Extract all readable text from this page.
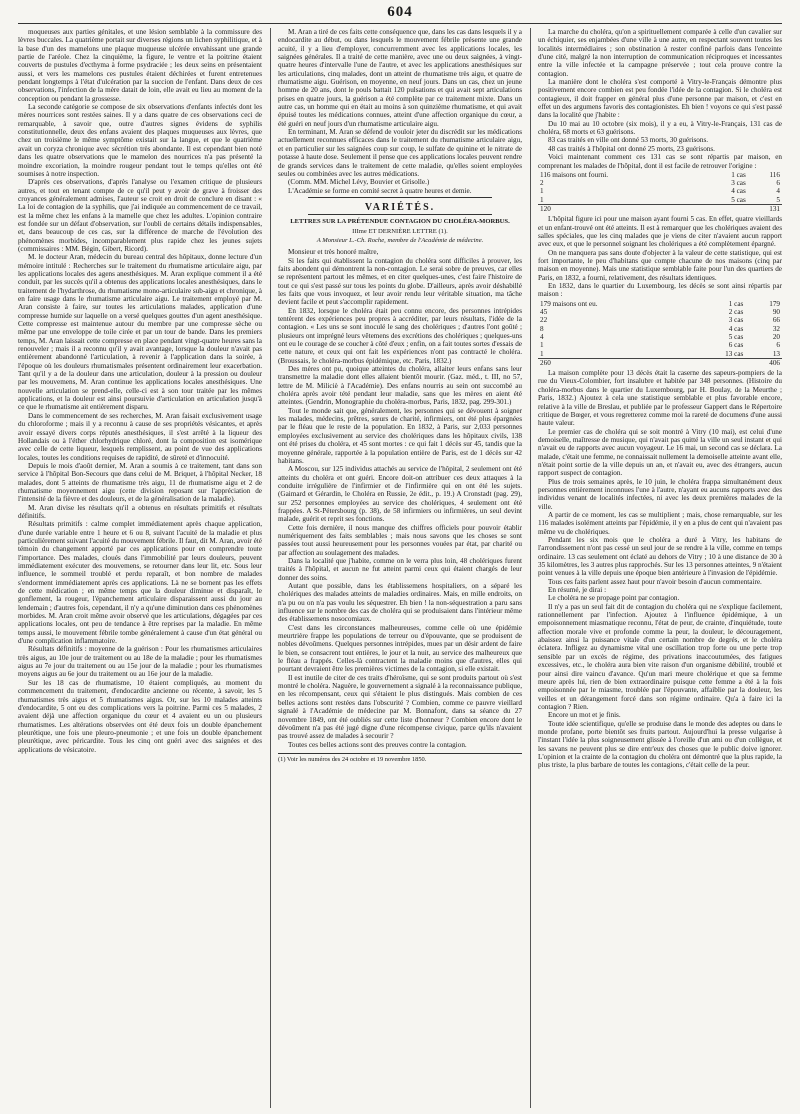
604

moqueuses aux parties génitales, et une lésion semblable à la commissure des lèvres buccales. La quatrième portait sur diverses régions un lichen syphilitique, et à la base d'un des mamelons une plaque muqueuse ulcérée envahissant une grande partie de l'aréole. Chez la cinquième, la figure, le ventre et la poitrine étaient couverts de pustules d'ecthyma à forme psydraciée ; les deux seins en présentaient aussi, et vers les mamelons ces pustules étaient déchirées et furent entretenues pendant longtemps à l'état d'ulcération par la succion de l'enfant. Dans deux de ces observations, l'infection de la mère datait de loin, elle avait eu lieu au moment de la conception ou pendant la grossesse.

La seconde catégorie se compose de six observations d'enfants infectés dont les mères nourrices sont restées saines. Il y a dans quatre de ces observations ceci de remarquable, à savoir que, outre d'autres signes évidens de syphilis constitutionnelle, deux des enfans avaient des plaques muqueuses aux lèvres, que chez un troisième le même symptôme existait sur la langue, et que le quatrième avait un coryza chronique avec sécrétion très abondante. Il est cependant bien noté dans les quatre observations que le mamelon des nourrices n'a pas présenté la moindre excoriation, la moindre rougeur pendant tout le temps qu'elles ont été soumises à notre inspection.

D'après ces observations, d'après l'analyse ou l'examen critique de plusieurs autres, et tout en tenant compte de ce qu'il peut y avoir de grave à froisser des croyances généralement admises, l'auteur se croit en droit de conclure en disant : « La loi de contagion de la syphilis, que j'ai indiquée au commencement de ce travail, est la même chez les enfans à la mamelle que chez les adultes. L'opinion contraire est fondée sur un défaut d'observation, sur l'oubli de certains détails indispensables, et, dans beaucoup de ces cas, sur la différence de marche de l'évolution des phénomènes morbides, incomparablement plus rapide chez les jeunes sujets (commissaires : MM. Bégin, Gibert, Ricord).

M. le docteur Aran, médecin du bureau central des hôpitaux, donne lecture d'un mémoire intitulé : Recherches sur le traitement du rhumatisme articulaire aigu, par les applications locales des agens anesthésiques. M. Aran explique comment il a été conduit, par les succès qu'il a obtenus des applications locales anesthésiques, dans le traitement de l'hydarthrose, du rhumatisme mono-articulaire sub-aigu et chronique, à en faire usage dans le rhumatisme articulaire aigu. Le traitement employé par M. Aran consiste à faire, sur toutes les articulations malades, application d'une compresse humide sur laquelle on a versé quelques gouttes d'un agent anesthésique. Cette compresse est maintenue autour du membre par une compresse sèche ou même par une enveloppe de toile cirée et par un tour de bande. Dans les premiers temps, M. Aran laissait cette compresse en place pendant vingt-quatre heures sans la renouveler ; mais il a reconnu qu'il y avait avantage, lorsque la douleur n'avait pas entièrement abandonné l'articulation, à revenir à l'application dans la soirée, à l'époque où les douleurs rhumatismales présentent ordinairement leur exacerbation. Tant qu'il y a de la douleur dans une articulation, douleur à la pression ou douleur par les mouvemens, M. Aran continue les applications locales anesthésiques. Une nouvelle articulation se prend-elle, celle-ci est à son tour traitée par les mêmes applications, et la douleur est ainsi poursuivie d'articulation en articulation jusqu'à ce que le rhumatisme ait entièrement disparu.

Dans le commencement de ses recherches, M. Aran faisait exclusivement usage du chloroforme ; mais il y a reconnu à cause de ses propriétés vésicantes, et après avoir essayé divers corps réputés anesthésiques, il s'est arrêté à la liqueur des Hollandais ou à l'éther chlorhydrique chloré, dont la composition est isomérique avec celle de cette liqueur, lesquels remplissent, au point de vue des applications locales, toutes les conditions requises de rapidité, de sûreté et d'innocuité.

Depuis le mois d'août dernier, M. Aran a soumis à ce traitement, tant dans son service à l'hôpital Bon-Secours que dans celui de M. Briquet, à l'hôpital Necker, 18 malades, dont 5 atteints de rhumatisme très aigu, 11 de rhumatisme aigu et 2 de rhumatisme moyennement aigu (cette division reposant sur l'appréciation de l'intensité de la fièvre et des douleurs, et de la généralisation de la maladie).

M. Aran divise les résultats qu'il a obtenus en résultats primitifs et résultats définitifs.

Résultats primitifs : calme complet immédiatement après chaque application, d'une durée variable entre 1 heure et 6 ou 8, suivant l'acuité de la maladie et plus particulièrement suivant l'acuité du mouvement fébrile. Il faut, dit M. Aran, avoir été témoin du changement apporté par ces applications pour en comprendre toute l'importance. Des malades, cloués dans l'immobilité par leurs douleurs, peuvent immédiatement exécuter des mouvemens, se retourner dans leur lit, etc. Sous leur influence, le sommeil troublé et perdu reparaît, et bon nombre de malades s'endorment immédiatement après ces applications. Là ne se bornent pas les effets de cette médication ; en même temps que la douleur diminue et disparaît, le gonflement, la rougeur, l'épanchement articulaire disparaissent aussi du jour au lendemain ; d'autres fois, cependant, il n'y a qu'une diminution dans ces phénomènes morbides. M. Aran croit même avoir observé que les articulations, dégagées par ces applications locales, ont peu de tendance à être reprises par la maladie. En même temps aussi, le mouvement fébrile tombe généralement à cause d'un état général ou d'une complication inflammatoire.

Résultats définitifs : moyenne de la guérison : Pour les rhumatismes articulaires très aigus, au 10e jour de traitement ou au 18e de la maladie ; pour les rhumatismes aigus au 7e jour du traitement ou au 15e jour de la maladie ; pour les rhumatismes moyens aigus au 6e jour du traitement ou au 16e jour de la maladie.

Sur les 18 cas de rhumatisme, 10 étaient compliqués, au moment du commencement du traitement, d'endocardite ancienne ou récente, à savoir, les 5 rhumatismes très aigus et 5 rhumatismes aigus. Or, sur les 10 malades atteints d'endocardite, 5 ont eu des complications vers la poitrine. Parmi ces 5 malades, 2 avaient déjà une affection organique du cœur et 4 avaient eu un ou plusieurs rhumatismes. Les altérations observées ont été deux fois un double épanchement pleurétique, une fois une pleuro-pneumonie ; et une fois un double épanchement pleurétique, avec péricardite. Tous les cinq ont guéri avec des saignées et des applications de vésicatoire.

M. Aran a tiré de ces faits cette conséquence que, dans les cas dans lesquels il y a endocardite au début, ou dans lesquels le mouvement fébrile présente une grande acuité, il y a lieu d'employer, concurremment avec les applications locales, les saignées générales. Il a traité de cette manière, avec une ou deux saignées, à vingt-quatre heures d'intervalle l'une de l'autre, et avec les applications anesthésiques sur les articulations, cinq malades, dont un atteint de rhumatisme très aigu, et quatre de rhumatisme aigu. Guérison, en moyenne, en neuf jours. Dans un cas, chez un jeune homme de 20 ans, dont le pouls battait 120 pulsations et qui avait sept articulations prises en quatre jours, la guérison a été complète par ce traitement mixte. Dans un autre cas, un homme qui en était au moins à son quinzième rhumatisme, et qui avait épuisé toutes les médications connues, atteint d'une affection organique du cœur, a été guéri en neuf jours d'un rhumatisme articulaire aigu.

En terminant, M. Aran se défend de vouloir jeter du discrédit sur les médications actuellement reconnues efficaces dans le traitement du rhumatisme articulaire aigu, et en particulier sur les saignées coup sur coup, le sulfate de quinine et le nitrate de potasse à haute dose. Seulement il pense que ces applications locales peuvent rendre de grands services dans le traitement de cette maladie, qu'elles soient employées seules ou combinées avec les autres médications.

(Comm. MM. Michel Lévy, Bouvier et Grisolle.)

L'Académie se forme en comité secret à quatre heures et demie.

VARIÉTÉS.
LETTRES SUR LA PRÉTENDUE CONTAGION DU CHOLÉRA-MORBUS.
IIIme ET DERNIÈRE LETTRE (1).
A Monsieur L.-Ch. Roche, membre de l'Académie de médecine.

Monsieur et très honoré maître,

Si les faits qui établissent la contagion du choléra sont difficiles à prouver, les faits abondent qui démontrent la non-contagion. Le serai sobre de preuves, car elles se représentent partout les mêmes, et en citer quelques-unes, c'est faire l'histoire de tout ce qui s'est passé sur tous les points du globe. D'ailleurs, après avoir déshabillé les faits que vous invoquez, et leur avoir rendu leur véritable situation, ma tâche devient facile et peut s'accomplir rapidement.

En 1832, lorsque le choléra était peu connu encore, des personnes intrépides tentèrent des expériences peu propres à accréditer, par leurs résultats, l'idée de la contagion. « Les uns se sont inoculé le sang des cholériques ; d'autres l'ont goûté ; plusieurs ont imprégné leurs vêtemens des excrétions des cholériques ; quelques-uns ont eu le courage de se coucher à côté d'eux ; enfin, on a fait toutes sortes d'essais de cette nature, et ceux qui ont fait les expériences n'ont pas contracté le choléra. (Broussais, le choléra-morbus épidémique, etc. Paris, 1832.)

Des mères ont pu, quoique atteintes du choléra, allaiter leurs enfans sans leur transmettre la maladie dont elles allaient bientôt mourir. (Gaz. méd., t. III, no 57, lettre de M. Miliciè à l'Académie). Des enfans nourris au sein ont succombé au choléra après avoir tété pendant leur maladie, sans que les mères en aient été atteintes. (Gendrin, Monographie du choléra-morbus, Paris, 1832, pag. 299-301.)

Tout le monde sait que, généralement, les personnes qui se dévouent à soigner les malades, médecins, prêtres, sœurs de charité, infirmiers, ont été plus épargnées par le fléau que le reste de la population. En 1832, à Paris, sur 2,033 personnes employées exclusivement au service des cholériques dans les hôpitaux civils, 138 ont été prises du choléra, et 45 sont mortes : ce qui fait 1 décès sur 45, tandis que la moyenne générale, rapportée à la population entière de Paris, est de 1 décès sur 42 habitans.

A Moscou, sur 125 individus attachés au service de l'hôpital, 2 seulement ont été atteints du choléra et ont guéri. Encore doit-on attribuer ces deux attaques à la conduite irrégulière de l'infirmier et de l'infirmière qui en ont été les sujets. (Gaimard et Gérardin, le Choléra en Russie, 2e édit., p. 19.) A Cronstadt (pag. 29), sur 252 personnes employées au service des cholériques, 4 seulement ont été frappées. A St-Pétersbourg (p. 38), de 58 infirmiers ou infirmières, un seul devint malade, guérit et reprit ses fonctions.

Cette fois dernière, il nous manque des chiffres officiels pour pouvoir établir numériquement des faits semblables ; mais nous savons que les choses se sont passées tout aussi heureusement pour les personnes vouées par état, par charité ou par affection au soulagement des malades.

Dans la localité que j'habite, comme on le verra plus loin, 48 cholériques furent traités à l'hôpital, et aucun ne fut atteint parmi ceux qui étaient chargés de leur donner des soins.

Autant que possible, dans les établissemens hospitaliers, on a séparé les cholériques des malades atteints de maladies ordinaires. Mais, en mille endroits, on n'a pu ou on n'a pas voulu les séquestrer. Eh bien ! la non-séquestration a paru sans influence sur le nombre des cas de choléra qui se produisaient dans l'intérieur même des établissemens nosocomiaux.

C'est dans les circonstances malheureuses, comme celle où une épidémie meurtrière frappe les populations de terreur ou d'épouvante, que se produisent de nobles dévoûmens. Quelques personnes intrépides, mues par un désir ardent de faire le bien, se consacrent tout entières, le jour et la nuit, au service des malheureux que le fléau a frappés. Celles-là contractent la maladie moins que d'autres, elles qui pourtant devraient être les premières victimes de la contagion, si elle existait.

Il est inutile de citer de ces traits d'héroïsme, qui se sont produits partout où s'est montré le choléra. Naguère, le gouvernement a signalé à la reconnaissance publique, en les récompensant, ceux qui s'étaient le plus distingués. Mais combien de ces belles actions sont restées dans l'obscurité ? Combien, comme ce pauvre vieillard signalé à l'Académie de médecine par M. Bonnafont, dans sa séance du 27 novembre 1849, ont été oubliés sur cette liste d'honneur ? Combien encore dont le dévoûment n'a pas été jugé digne d'une récompense civique, parce qu'ils n'avaient pas trouvé assez de malades à secourir ?

Toutes ces belles actions sont des preuves contre la contagion.

(1) Voir les numéros des 24 octobre et 19 novembre 1850.

La marche du choléra, qu'on a spirituellement comparée à celle d'un cavalier sur un échiquier, ses enjambées d'une ville à une autre, en respectant souvent toutes les localités intermédiaires ; son obstination à rester confiné parfois dans l'enceinte d'une cité, malgré la non interruption de communication réciproques et incessantes entre la ville infectée et la campagne préservée ; tout cela prouve contre la contagion.

La manière dont le choléra s'est comporté à Vitry-le-Français démontre plus positivement encore combien est peu fondée l'idée de la contagion. Si le choléra est contagieux, il doit frapper en général plus d'une personne par maison, et c'est en effet un des argumens favoris des contagionistes. Eh bien ! voyons ce qui s'est passé dans la localité que j'habite :

Du 10 mai au 10 octobre (six mois), il y a eu, à Vitry-le-Français, 131 cas de choléra, 68 morts et 63 guérisons.

83 cas traités en ville ont donné 53 morts, 30 guérisons.

48 cas traités à l'hôpital ont donné 25 morts, 23 guérisons.

Voici maintenant comment ces 131 cas se sont répartis par maison, en comprenant les malades de l'hôpital, dont il est facile de retrouver l'origine :

116 maisons ont fourni.	1 cas	116
2	3 cas	6
1	4 cas	4
1	5 cas	5
120		131

L'hôpital figure ici pour une maison ayant fourni 5 cas. En effet, quatre vieillards et un enfant-trouvé ont été atteints. Il est à remarquer que les cholériques avaient des salles spéciales, que les cinq malades que je viens de citer n'avaient aucun rapport avec eux, et que le personnel soignant les cholériques a été complètement épargné.

On ne manquera pas sans doute d'objecter à la valeur de cette statistique, qui est fort importante, le peu d'habitans que compte chacune de nos maisons (cinq par maison en moyenne). Mais une statistique semblable faite pour l'un des quartiers de Paris, en 1832, a fourni, relativement, des résultats identiques.

En 1832, dans le quartier du Luxembourg, les décès se sont ainsi répartis par maison :

179 maisons ont eu.	1 cas	179
45	2 cas	90
22	3 cas	66
8	4 cas	32
4	5 cas	20
1	6 cas	6
1	13 cas	13
260		406

La maison complète pour 13 décès était la caserne des sapeurs-pompiers de la rue du Vieux-Colombier, fort insalubre et habitée par 348 personnes. (Histoire du choléra-morbus dans le quartier du Luxembourg, par H. Boulay, de la Meurthe ; Paris, 1832.) Ajoutez à cela une statistique semblable et plus favorable encore, relative à la ville de Breslau, et publiée par le professeur Gappert dans le Répertoire critique de Bœger, et vous regretterez comme moi la rareté de documens d'une aussi haute valeur.

Le premier cas de choléra qui se soit montré à Vitry (10 mai), est celui d'une demoiselle, maîtresse de musique, qui n'avait pas quitté la ville un seul instant et qui n'avait eu de rapports avec aucun voyageur. Le 16 mai, un second cas se déclara. La malade, c'était une femme, ne connaissait nullement la demoiselle atteinte avant elle, n'était point sortie de la ville depuis un an, et n'avait eu, avec des étrangers, aucun rapport suspect de contagion.

Plus de trois semaines après, le 10 juin, le choléra frappa simultanément deux personnes entièrement inconnues l'une à l'autre, n'ayant eu aucuns rapports avec des individus venant de localités infectées, ni avec les deux premières malades de la ville.

A partir de ce moment, les cas se multiplient ; mais, chose remarquable, sur les 116 malades isolément atteints par l'épidémie, il y en a plus de cent qui n'avaient pas même vu de cholériques.

Pendant les six mois que le choléra a duré à Vitry, les habitans de l'arrondissement n'ont pas cessé un seul jour de se rendre à la ville, comme en temps ordinaire. 13 cas seulement ont éclaté au dehors de Vitry ; 10 à une distance de 30 à 35 kilomètres, les 3 autres plus rapprochés. Sur les 13 personnes atteintes, 9 n'étaient point venues à la ville depuis une époque bien antérieure à l'invasion de l'épidémie.

Tous ces faits parlent assez haut pour n'avoir besoin d'aucun commentaire.

En résumé, je dirai :

Le choléra ne se propage point par contagion.

Il n'y a pas un seul fait dit de contagion du choléra qui ne s'explique facilement, rationnellement par l'infection. Ajoutez à l'influence épidémique, à un empoisonnement miasmatique reconnu, l'état de peur, de crainte, d'inquiétude, toute affection morale vive et profonde comme la peur, la douleur, le découragement, abaissez ainsi la puissance vitale d'un certain nombre de degrés, et le choléra éclatera. Infligez au dynamisme vital une oscillation trop forte ou une perte trop sensible par un excès de régime, des privations inaccoutumées, des fatigues excessives, etc., le choléra aura bien vite raison d'un organisme débilité, troublé et pour ainsi dire vaincu d'avance. Qu'un mari meure cholérique et que sa femme meure après lui, rien de bien extraordinaire puisque cette femme a été à la fois empoisonnée par le miasme, troublée par l'épouvante, affaiblie par la douleur, les veilles et un dérangement forcé dans son régime ordinaire. Qu'a à faire ici la contagion ? Rien.

Encore un mot et je finis.

Toute idée scientifique, qu'elle se produise dans le monde des adeptes ou dans le monde profane, porte bientôt ses fruits partout. Aujourd'hui la presse vulgarise à l'instant l'idée la plus soigneusement glissée à l'oreille d'un ami ou d'un collègue, et les savans ne peuvent plus se dire entr'eux des choses que le public doive ignorer. L'opinion et la crainte de la contagion du choléra ont démontré que la plus rapide, la plus triste, la plus barbare de toutes les contagions, c'était celle de la peur.
